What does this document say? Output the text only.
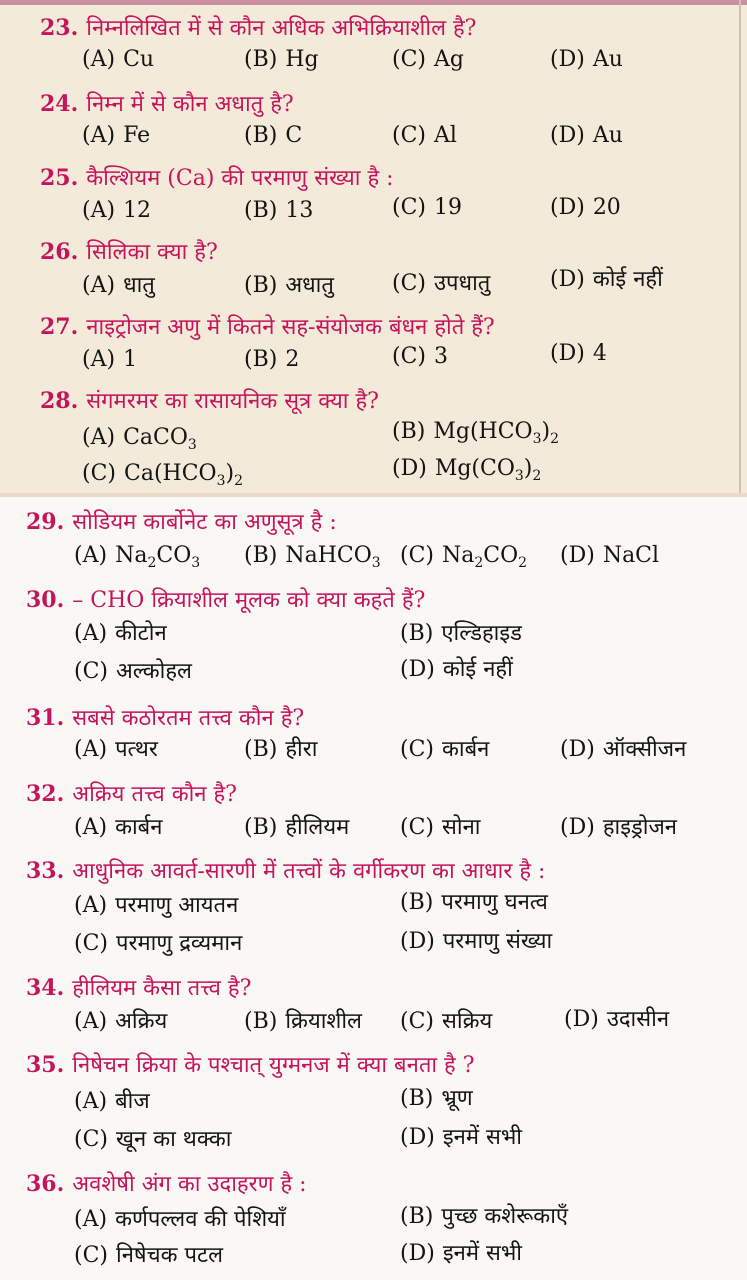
23. निम्नलिखित में से कौन अधिक अभिक्रियाशील है?
(A) Cu	(B) Hg	(C) Ag	(D) Au
24. निम्न में से कौन अधातु है?
(A) Fe	(B) C	(C) Al	(D) Au
25. कैल्शियम (Ca) की परमाणु संख्या है :
(A) 12	(B) 13	(C) 19	(D) 20
26. सिलिका क्या है?
(A) धातु	(B) अधातु	(C) उपधातु	(D) कोई नहीं
27. नाइट्रोजन अणु में कितने सह-संयोजक बंधन होते हैं?
(A) 1	(B) 2	(C) 3	(D) 4
28. संगमरमर का रासायनिक सूत्र क्या है?
(A) CaCO$_3$
(B) $Mg(HCO_3)_2$
(C) $Ca(HCO_3)_2$	(D) $Mg(CO_3)_2$
29. सोडियम कार्बोनेट का अणुसूत्र है :
(A) $Na_2CO_3$ (B) NaHCO$_3$ (C) $Na_2CO_2$ (D) NaCl
30. – CHO क्रियाशील मूलक को क्या कहते हैं?
(A) कीटोन	(B) एल्डिहाइड
(C) अल्कोहल	(D) कोई नहीं
31. सबसे कठोरतम तत्त्व कौन है?
(A) पत्थर	(B) हीरा	(C) कार्बन	(D) ऑक्सीजन
32. अक्रिय तत्त्व कौन है?
(A) कार्बन	(B) हीलियम (C) सोना	(D) हाइड्रोजन
33. आधुनिक आवर्त-सारणी में तत्त्वों के वर्गीकरण का आधार है :
(A) परमाणु आयतन	(B) परमाणु घनत्व
(C) परमाणु द्रव्यमान	(D) परमाणु संख्या
34. हीलियम कैसा तत्त्व है?
(A) अक्रिय	(B) क्रियाशील (C) सक्रिय	(D) उदासीन
35. निषेचन क्रिया के पश्चात् युग्मनज में क्या बनता है ?
(A) बीज	(B) भ्रूण
(C) खून का थक्का	(D) इनमें सभी
36. अवशेषी अंग का उदाहरण है :
(A) कर्णपल्लव की पेशियाँ	(B) पुच्छ कशेरूकाएँ
(C) निषेचक पटल	(D) इनमें सभी
